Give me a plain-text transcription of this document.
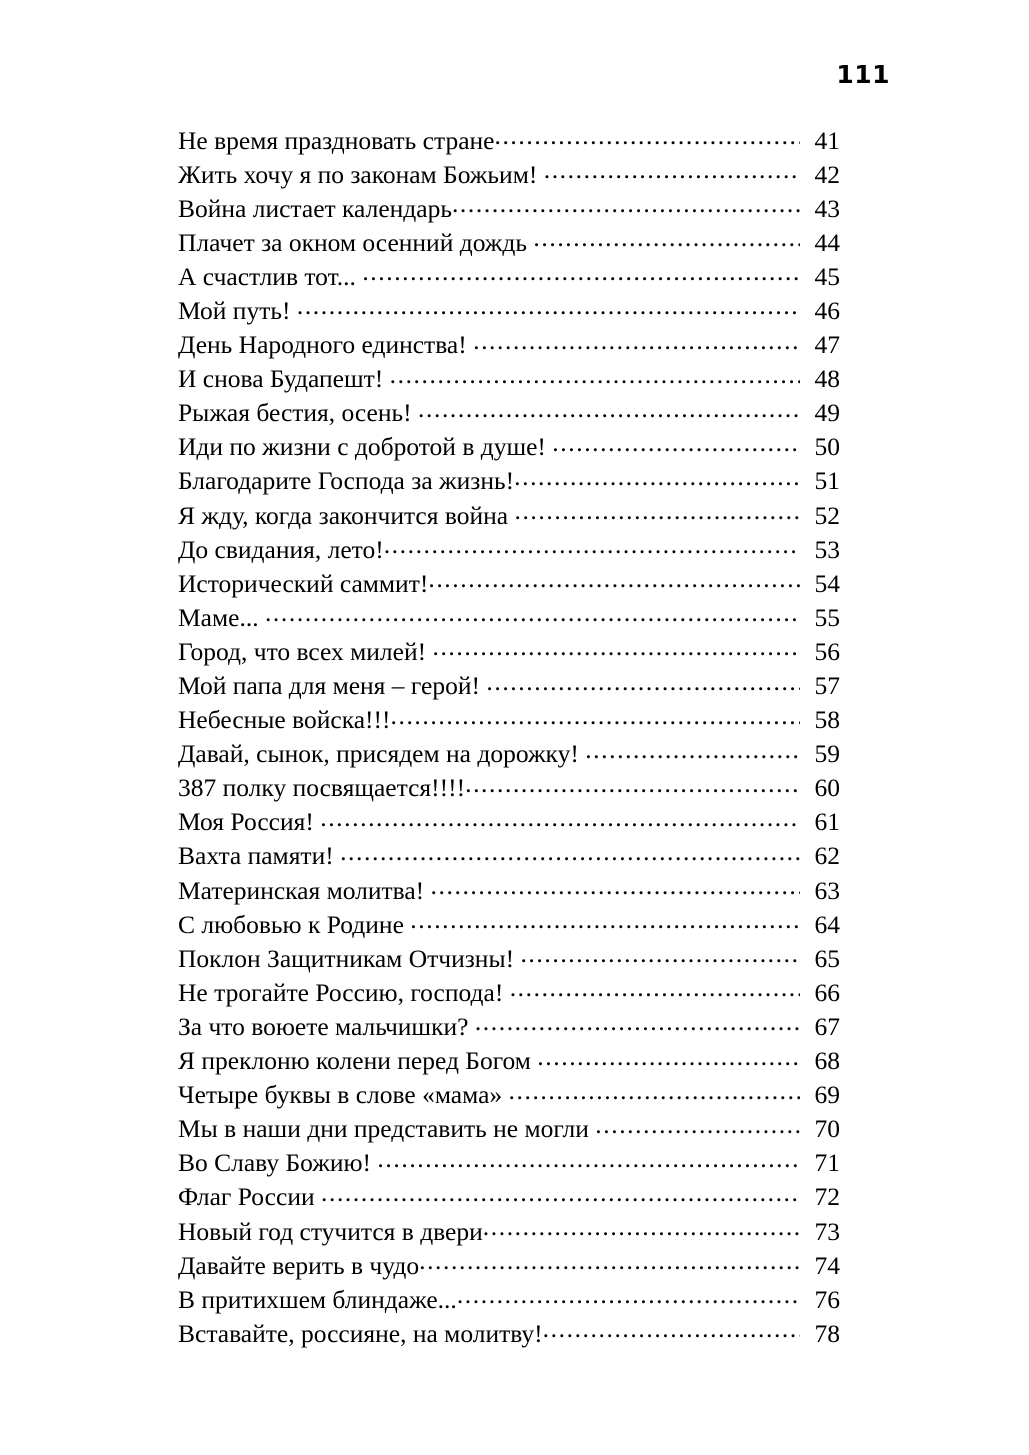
111
Не время праздновать стране .....	41
Жить хочу я по законам Божьим! .....	42
Война листает календарь .....	43
Плачет за окном осенний дождь .....	44
А счастлив тот... .....	45
Мой путь! .....	46
День Народного единства! .....	47
И снова Будапешт! .....	48
Рыжая бестия, осень! .....	49
Иди по жизни с добротой в душе! .....	50
Благодарите Господа за жизнь! .....	51
Я жду, когда закончится война .....	52
До свидания, лето! .....	53
Исторический саммит! .....	54
Маме... .....	55
Город, что всех милей! .....	56
Мой папа для меня – герой! .....	57
Небесные войска!!! .....	58
Давай, сынок, присядем на дорожку! .....	59
387 полку посвящается!!!! .....	60
Моя Россия! .....	61
Вахта памяти! .....	62
Материнская молитва! .....	63
С любовью к Родине .....	64
Поклон Защитникам Отчизны! .....	65
Не трогайте Россию, господа! .....	66
За что воюете мальчишки? .....	67
Я преклоню колени перед Богом .....	68
Четыре буквы в слове «мама» .....	69
Мы в наши дни представить не могли .....	70
Во Славу Божию! .....	71
Флаг России .....	72
Новый год стучится в двери .....	73
Давайте верить в чудо .....	74
В притихшем блиндаже... .....	76
Вставайте, россияне, на молитву! .....	78
